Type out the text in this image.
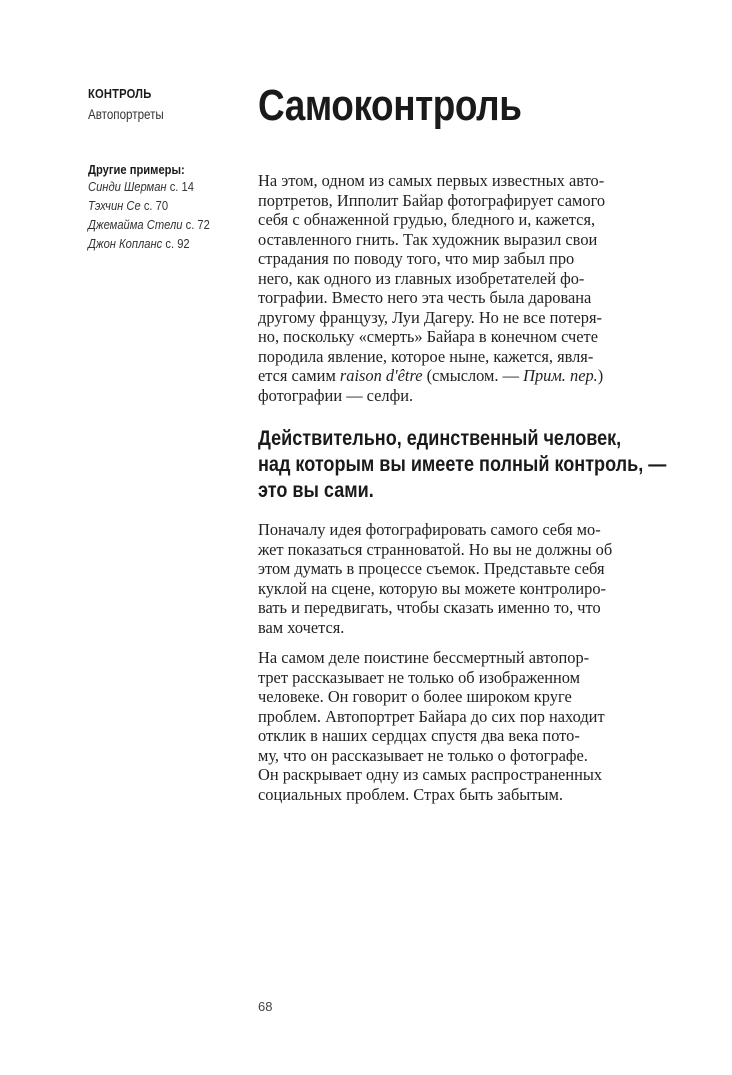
КОНТРОЛЬ
Автопортреты
Другие примеры:
Синди Шерман с. 14
Тэхчин Се с. 70
Джемайма Стели с. 72
Джон Копланс с. 92
Самоконтроль

На этом, одном из самых первых известных авто-
портретов, Ипполит Байар фотографирует самого
себя с обнаженной грудью, бледного и, кажется,
оставленного гнить. Так художник выразил свои
страдания по поводу того, что мир забыл про
него, как одного из главных изобретателей фо-
тографии. Вместо него эта честь была дарована
другому французу, Луи Дагеру. Но не все потеря-
но, поскольку «смерть» Байара в конечном счете
породила явление, которое ныне, кажется, явля-
ется самим raison d'être (смыслом. — Прим. пер.)
фотографии — селфи.

Действительно, единственный человек,
над которым вы имеете полный контроль, —
это вы сами.

Поначалу идея фотографировать самого себя мо-
жет показаться странноватой. Но вы не должны об
этом думать в процессе съемок. Представьте себя
куклой на сцене, которую вы можете контролиро-
вать и передвигать, чтобы сказать именно то, что
вам хочется.

На самом деле поистине бессмертный автопор-
трет рассказывает не только об изображенном
человеке. Он говорит о более широком круге
проблем. Автопортрет Байара до сих пор находит
отклик в наших сердцах спустя два века пото-
му, что он рассказывает не только о фотографе.
Он раскрывает одну из самых распространенных
социальных проблем. Страх быть забытым.

68
